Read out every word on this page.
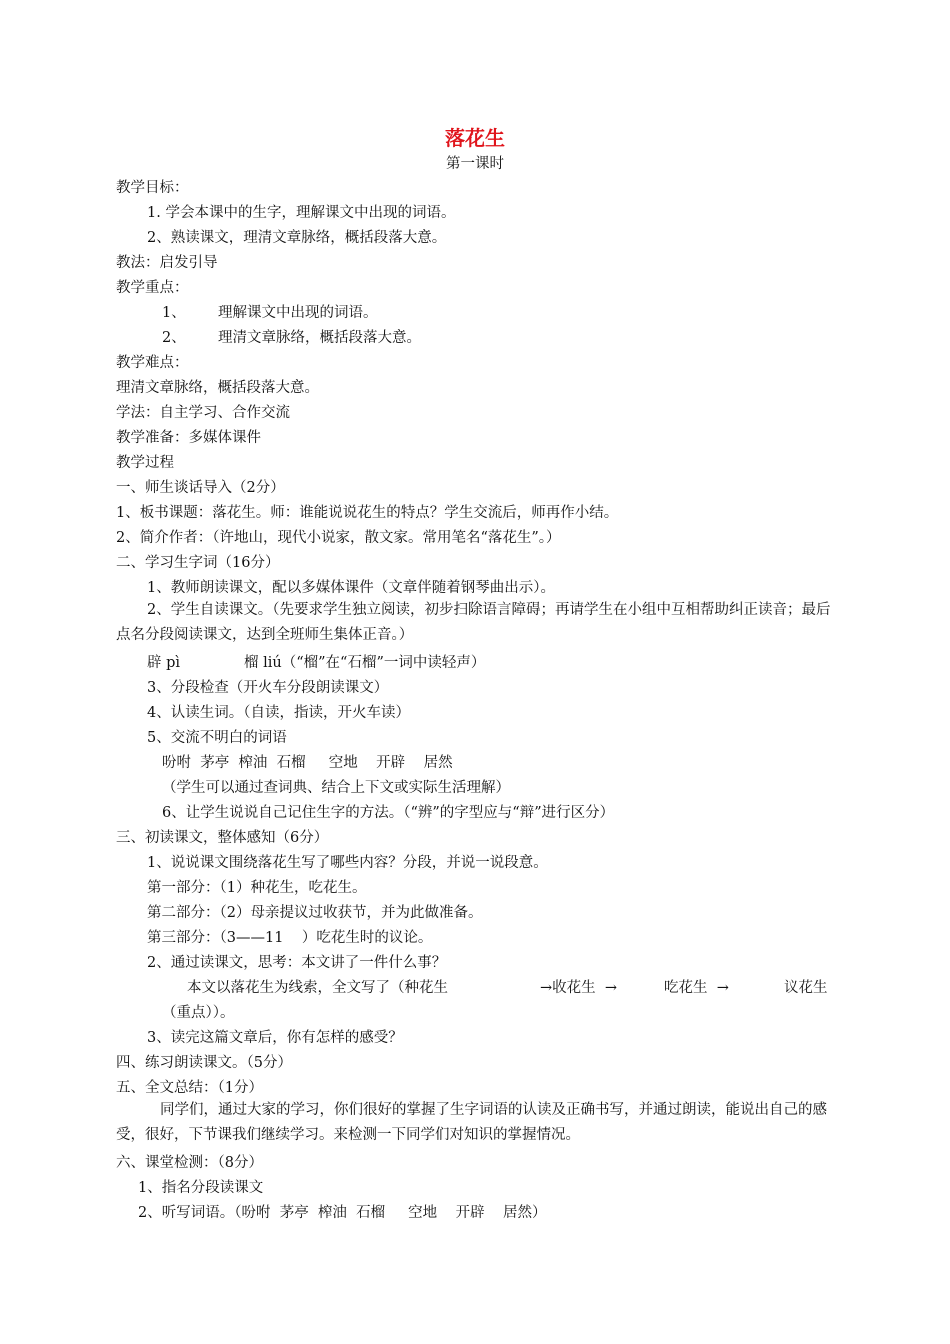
落花生
第一课时
教学目标：
1. 学会本课中的生字，理解课文中出现的词语。
2、熟读课文，理清文章脉络，概括段落大意。
教法：启发引导
教学重点：
1、 理解课文中出现的词语。
2、 理清文章脉络，概括段落大意。
教学难点：
理清文章脉络，概括段落大意。
学法：自主学习、合作交流
教学准备：多媒体课件
教学过程
一、师生谈话导入（2分）
1、板书课题：落花生。师：谁能说说花生的特点？学生交流后，师再作小结。
2、简介作者：（许地山，现代小说家，散文家。常用笔名“落花生”。）
二、学习生字词（16分）
1、教师朗读课文，配以多媒体课件（文章伴随着钢琴曲出示）。
2、学生自读课文。（先要求学生独立阅读，初步扫除语言障碍；再请学生在小组中互相帮助纠正读音；最后点名分段阅读课文，达到全班师生集体正音。）
辟 pì	榴 liú（“榴”在“石榴”一词中读轻声）
3、分段检查（开火车分段朗读课文）
4、认读生词。（自读，指读，开火车读）
5、交流不明白的词语
吩咐  茅亭  榨油  石榴     空地    开辟    居然
（学生可以通过查词典、结合上下文或实际生活理解）
6、让学生说说自己记住生字的方法。（“辨”的字型应与“辩”进行区分）
三、初读课文，整体感知（6分）
1、说说课文围绕落花生写了哪些内容？分段，并说一说段意。
第一部分：（1）种花生，吃花生。
第二部分：（2）母亲提议过收获节，并为此做准备。
第三部分：（3——11    ）吃花生时的议论。
2、通过读课文，思考：本文讲了一件什么事？
本文以落花生为线索，全文写了（种花生	→收花生  →	吃花生  →	议花生
（重点））。
3、读完这篇文章后，你有怎样的感受？
四、练习朗读课文。（5分）
五、全文总结：（1分）
同学们，通过大家的学习，你们很好的掌握了生字词语的认读及正确书写，并通过朗读，能说出自己的感受，很好，下节课我们继续学习。来检测一下同学们对知识的掌握情况。
六、课堂检测：（8分）
1、指名分段读课文
2、听写词语。（吩咐  茅亭  榨油  石榴     空地    开辟    居然）
